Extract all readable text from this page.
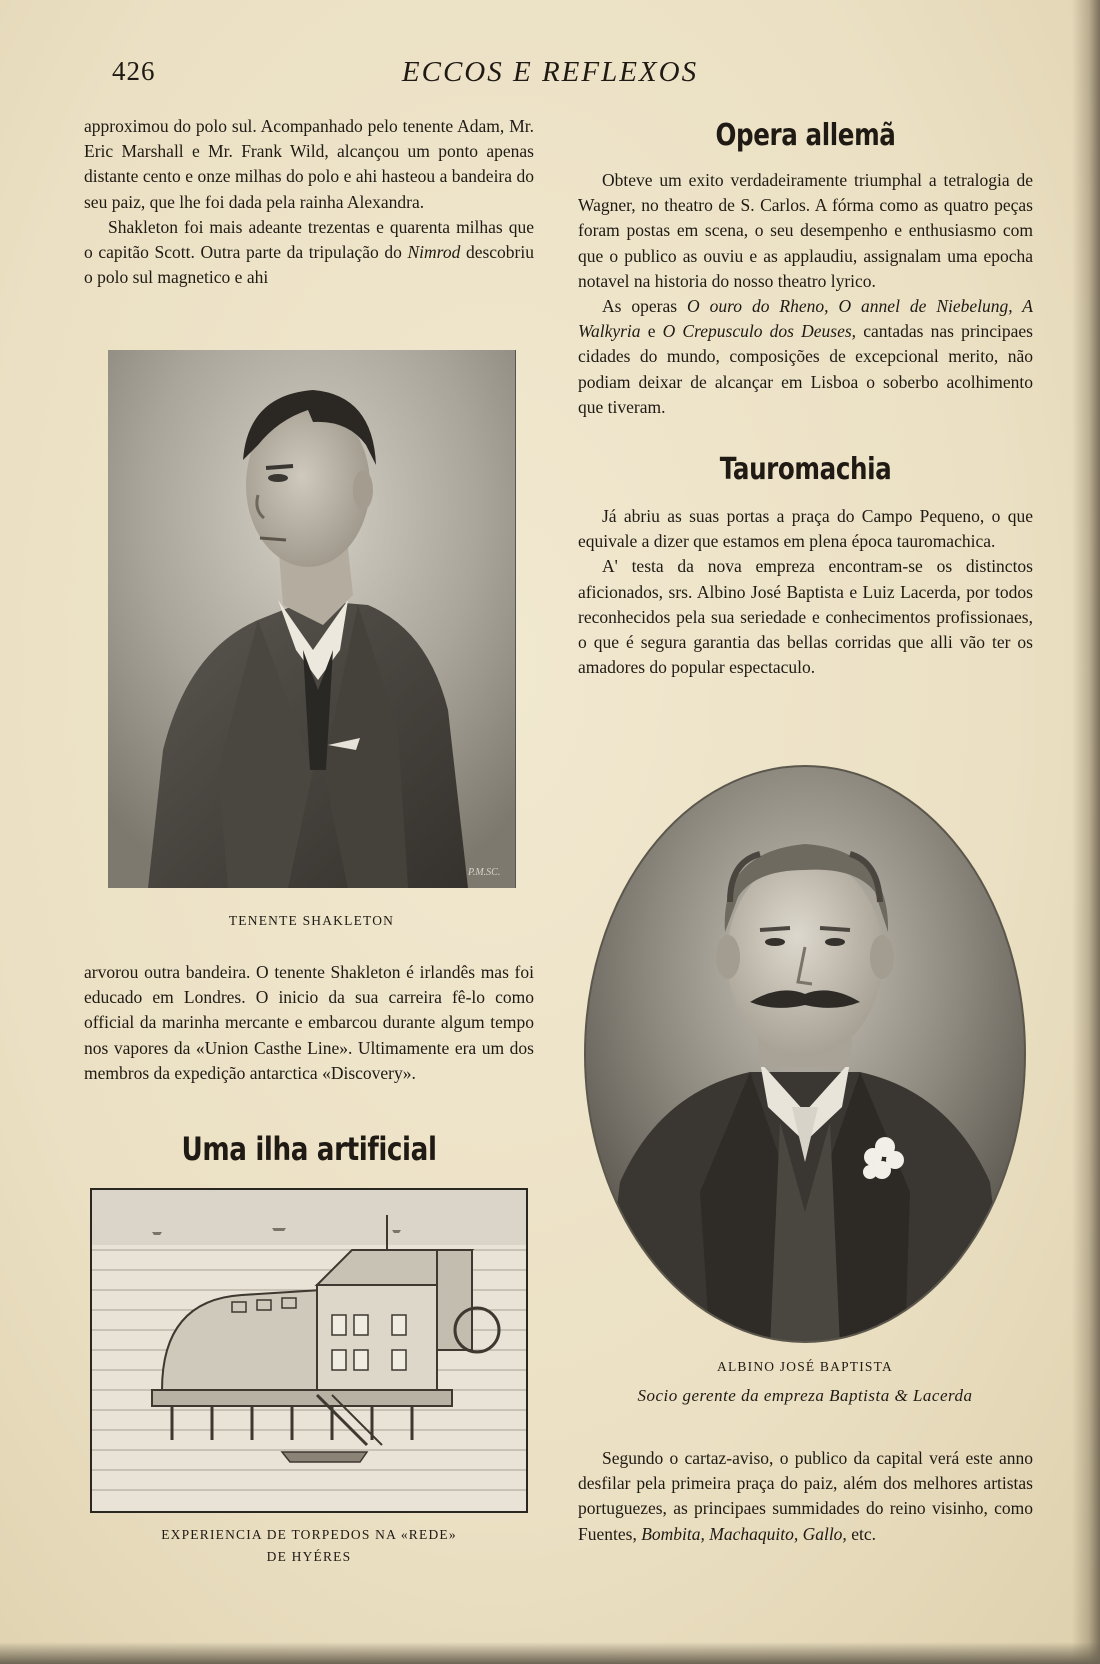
426	ECCOS E REFLEXOS

approximou do polo sul. Acompanhado pelo tenente Adam, Mr. Eric Marshall e Mr. Frank Wild, alcançou um ponto apenas distante cento e onze milhas do polo e ahi hasteou a bandeira do seu paiz, que lhe foi dada pela rainha Alexandra.

Shakleton foi mais adeante trezentas e quarenta milhas que o capitão Scott. Outra parte da tripulação do Nimrod descobriu o polo sul magnetico e ahi

P.M.SC.
TENENTE SHAKLETON

arvorou outra bandeira. O tenente Shakleton é irlandês mas foi educado em Londres. O inicio da sua carreira fê-lo como official da marinha mercante e embarcou durante algum tempo nos vapores da «Union Casthe Line». Ultimamente era um dos membros da expedição antarctica «Discovery».

Uma ilha artificial
EXPERIENCIA DE TORPEDOS NA «REDE»
DE HYÉRES
Opera allemã

Obteve um exito verdadeiramente triumphal a tetralogia de Wagner, no theatro de S. Carlos. A fórma como as quatro peças foram postas em scena, o seu desempenho e enthusiasmo com que o publico as ouviu e as applaudiu, assignalam uma epocha notavel na historia do nosso theatro lyrico.

As operas O ouro do Rheno, O annel de Niebelung, A Walkyria e O Crepusculo dos Deuses, cantadas nas principaes cidades do mundo, composições de excepcional merito, não podiam deixar de alcançar em Lisboa o soberbo acolhimento que tiveram.

Tauromachia

Já abriu as suas portas a praça do Campo Pequeno, o que equivale a dizer que estamos em plena época tauromachica.

A' testa da nova empreza encontram-se os distinctos aficionados, srs. Albino José Baptista e Luiz Lacerda, por todos reconhecidos pela sua seriedade e conhecimentos profissionaes, o que é segura garantia das bellas corridas que alli vão ter os amadores do popular espectaculo.

ALBINO JOSÉ BAPTISTA
Socio gerente da empreza Baptista & Lacerda

Segundo o cartaz-aviso, o publico da capital verá este anno desfilar pela primeira praça do paiz, além dos melhores artistas portuguezes, as principaes summidades do reino visinho, como Fuentes, Bombita, Machaquito, Gallo, etc.
